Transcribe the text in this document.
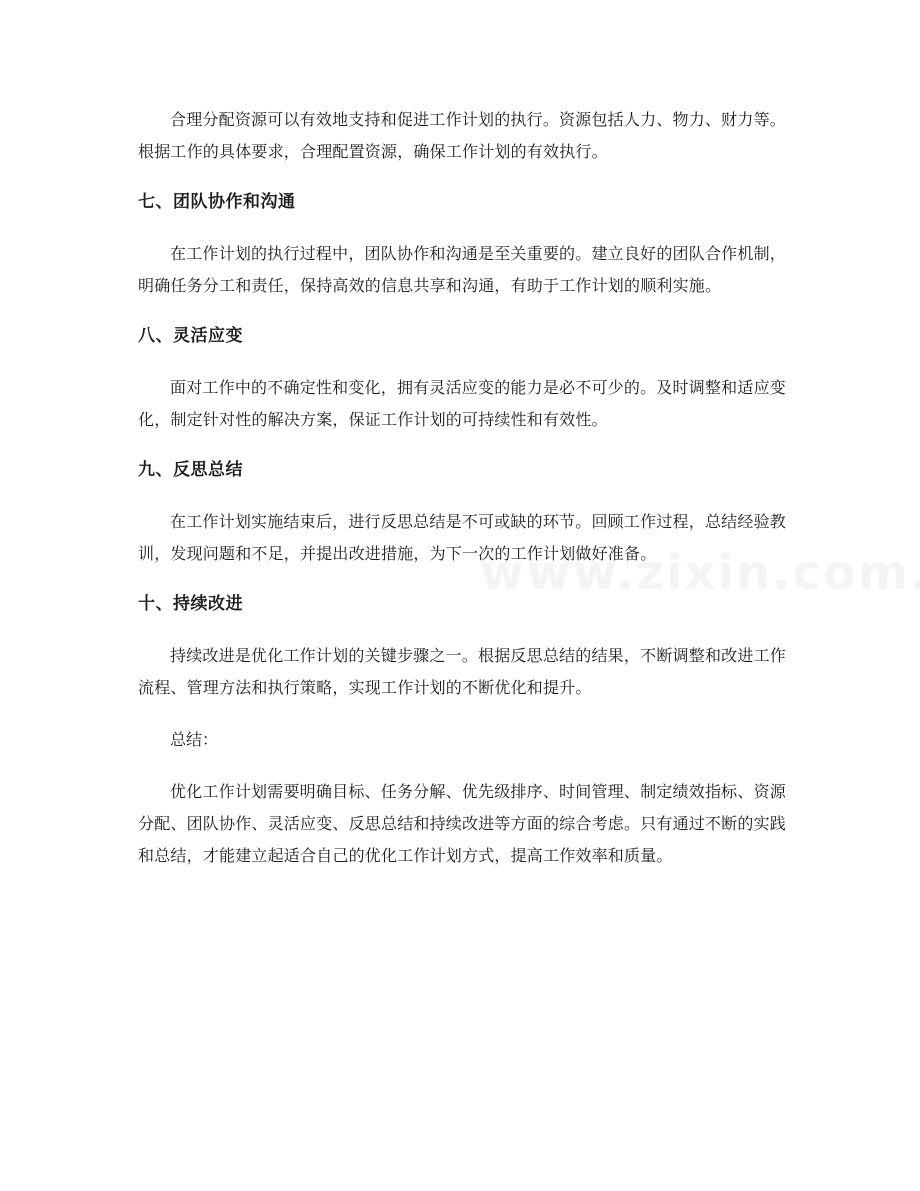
合理分配资源可以有效地支持和促进工作计划的执行。资源包括人力、物力、财力等。根据工作的具体要求，合理配置资源，确保工作计划的有效执行。

七、团队协作和沟通

在工作计划的执行过程中，团队协作和沟通是至关重要的。建立良好的团队合作机制，明确任务分工和责任，保持高效的信息共享和沟通，有助于工作计划的顺利实施。

八、灵活应变

面对工作中的不确定性和变化，拥有灵活应变的能力是必不可少的。及时调整和适应变化，制定针对性的解决方案，保证工作计划的可持续性和有效性。

九、反思总结

在工作计划实施结束后，进行反思总结是不可或缺的环节。回顾工作过程，总结经验教训，发现问题和不足，并提出改进措施，为下一次的工作计划做好准备。

十、持续改进

持续改进是优化工作计划的关键步骤之一。根据反思总结的结果，不断调整和改进工作流程、管理方法和执行策略，实现工作计划的不断优化和提升。

总结：

优化工作计划需要明确目标、任务分解、优先级排序、时间管理、制定绩效指标、资源分配、团队协作、灵活应变、反思总结和持续改进等方面的综合考虑。只有通过不断的实践和总结，才能建立起适合自己的优化工作计划方式，提高工作效率和质量。
